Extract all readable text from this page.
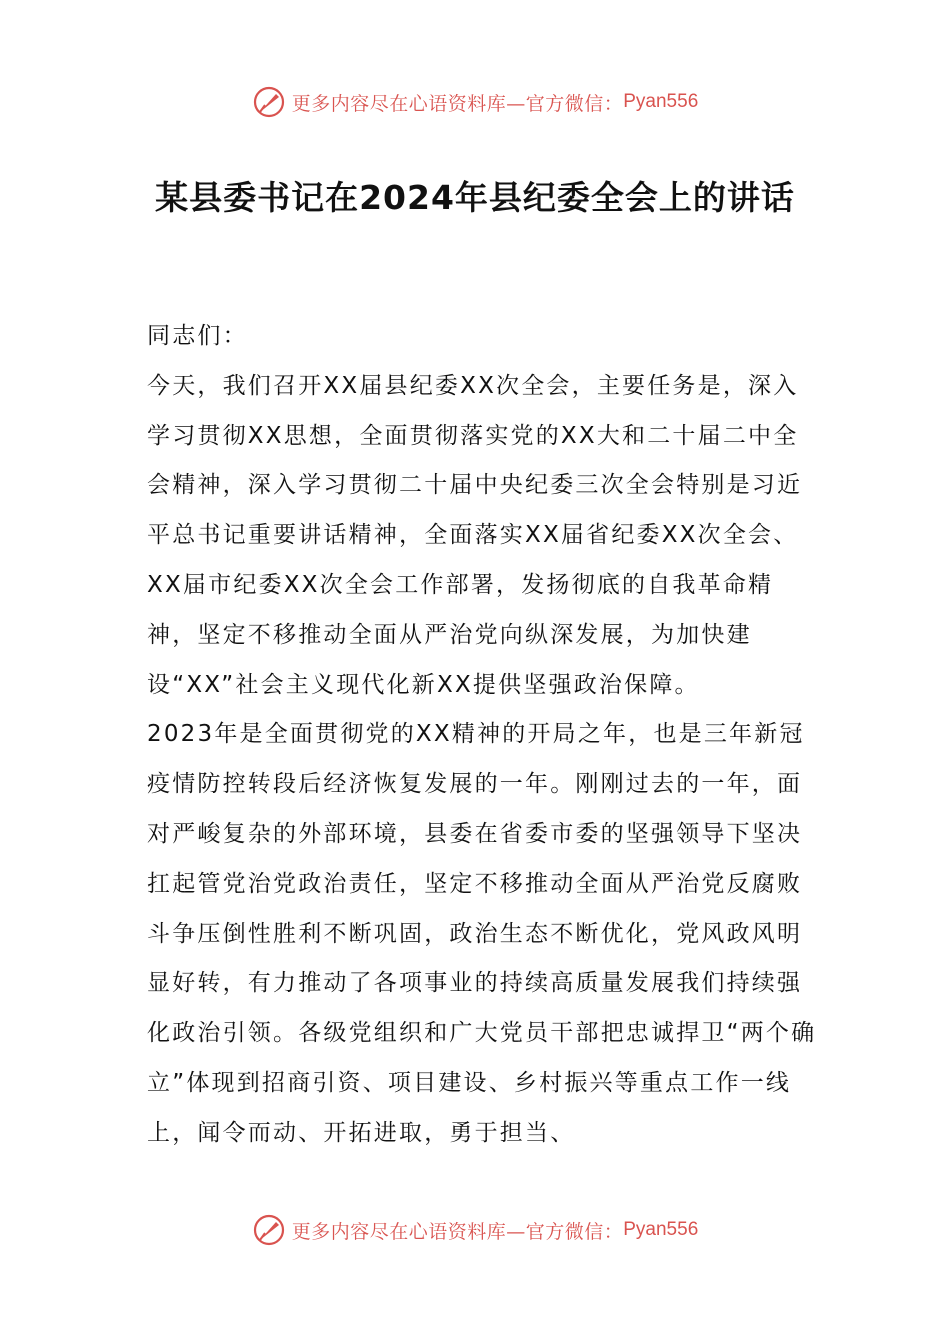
更多内容尽在心语资料库—官方微信： Pyan556
某县委书记在2024年县纪委全会上的讲话

同志们：

今天，我们召开XX届县纪委XX次全会，主要任务是，深入学习贯彻XX思想，全面贯彻落实党的XX大和二十届二中全会精神，深入学习贯彻二十届中央纪委三次全会特别是习近平总书记重要讲话精神，全面落实XX届省纪委XX次全会、XX届市纪委XX次全会工作部署，发扬彻底的自我革命精神，坚定不移推动全面从严治党向纵深发展，为加快建设“XX”社会主义现代化新XX提供坚强政治保障。

2023年是全面贯彻党的XX精神的开局之年，也是三年新冠疫情防控转段后经济恢复发展的一年。刚刚过去的一年，面对严峻复杂的外部环境，县委在省委市委的坚强领导下坚决扛起管党治党政治责任，坚定不移推动全面从严治党反腐败斗争压倒性胜利不断巩固，政治生态不断优化，党风政风明显好转，有力推动了各项事业的持续高质量发展我们持续强化政治引领。各级党组织和广大党员干部把忠诚捍卫“两个确立”体现到招商引资、项目建设、乡村振兴等重点工作一线上，闻令而动、开拓进取，勇于担当、

更多内容尽在心语资料库—官方微信： Pyan556
